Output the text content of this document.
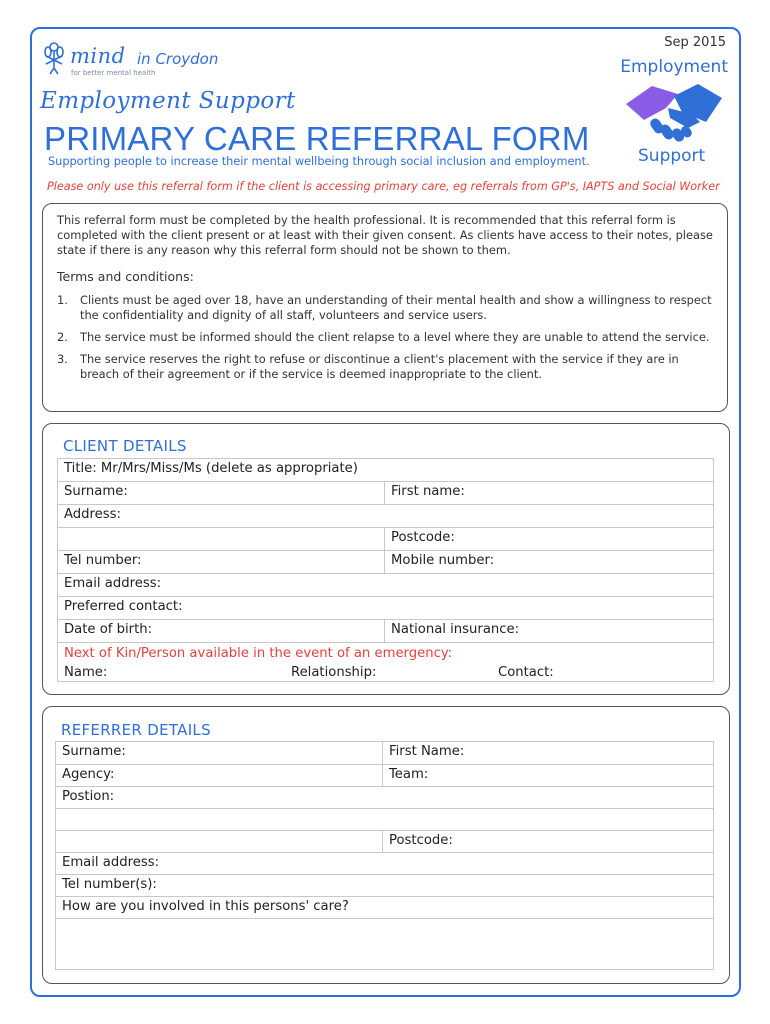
Sep 2015
mind in Croydon
for better mental health
Employment Support
PRIMARY CARE REFERRAL FORM
Supporting people to increase their mental wellbeing through social inclusion and employment.
Employment
Support
Please only use this referral form if the client is accessing primary care, eg referrals from GP's, IAPTS and Social Worker

This referral form must be completed by the health professional. It is recommended that this referral form is completed with the client present or at least with their given consent. As clients have access to their notes, please state if there is any reason why this referral form should not be shown to them.

Terms and conditions:
1. Clients must be aged over 18, have an understanding of their mental health and show a willingness to respect the confidentiality and dignity of all staff, volunteers and service users.
2. The service must be informed should the client relapse to a level where they are unable to attend the service.
3. The service reserves the right to refuse or discontinue a client's placement with the service if they are in breach of their agreement or if the service is deemed inappropriate to the client.
CLIENT DETAILS
Title: Mr/Mrs/Miss/Ms (delete as appropriate)
Surname:	First name:
Address:
Postcode:
Tel number:	Mobile number:
Email address:
Preferred contact:
Date of birth:	National insurance:
Next of Kin/Person available in the event of an emergency:
Name:	Relationship:	Contact:
REFERRER DETAILS
Surname:	First Name:
Agency:	Team:
Postion:
Postcode:
Email address:
Tel number(s):
How are you involved in this persons' care?
